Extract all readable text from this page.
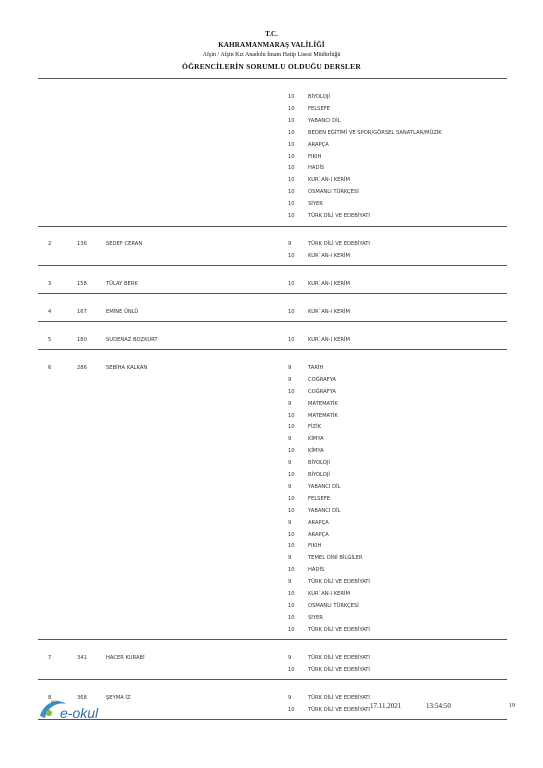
T.C.
KAHRAMANMARAŞ VALİLİĞİ
Afşin / Afşin Kız Anadolu İmam Hatip Lisesi Müdürlüğü
ÖĞRENCİLERİN SORUMLU OLDUĞU DERSLER
10	BİYOLOJİ
10	FELSEFE
10	YABANCI DİL
10	BEDEN EĞİTİMİ VE SPOR/GÖRSEL SANATLAR/MÜZİK
10	ARAPÇA
10	FIKIH
10	HADİS
10	KUR`AN-I KERİM
10	OSMANLI TÜRKÇESİ
10	SİYER
10	TÜRK DİLİ VE EDEBİYATI
2	136	SEDEF CERAN	9	TÜRK DİLİ VE EDEBİYATI
10	KUR`AN-I KERİM
3	158	TÜLAY BERK	10	KUR`AN-I KERİM
4	167	EMİNE ÜNLÜ	10	KUR`AN-I KERİM
5	180	SUDENAZ BOZKURT	10	KUR`AN-I KERİM
6	286	SEBİHA KALKAN	9	TARİH
9	COĞRAFYA
10	COĞRAFYA
9	MATEMATİK
10	MATEMATİK
10	FİZİK
9	KİMYA
10	KİMYA
9	BİYOLOJİ
10	BİYOLOJİ
9	YABANCI DİL
10	FELSEFE
10	YABANCI DİL
9	ARAPÇA
10	ARAPÇA
10	FIKIH
9	TEMEL DİNİ BİLGİLER
10	HADİS
9	TÜRK DİLİ VE EDEBİYATI
10	KUR`AN-I KERİM
10	OSMANLI TÜRKÇESİ
10	SİYER
10	TÜRK DİLİ VE EDEBİYATI
7	341	HACER KURABİ	9	TÜRK DİLİ VE EDEBİYATI
10	TÜRK DİLİ VE EDEBİYATI
8	368	ŞEYMA İZ	9	TÜRK DİLİ VE EDEBİYATI
10	TÜRK DİLİ VE EDEBİYATI
MEB
e-okul	17.11.2021	13:54:50	19
